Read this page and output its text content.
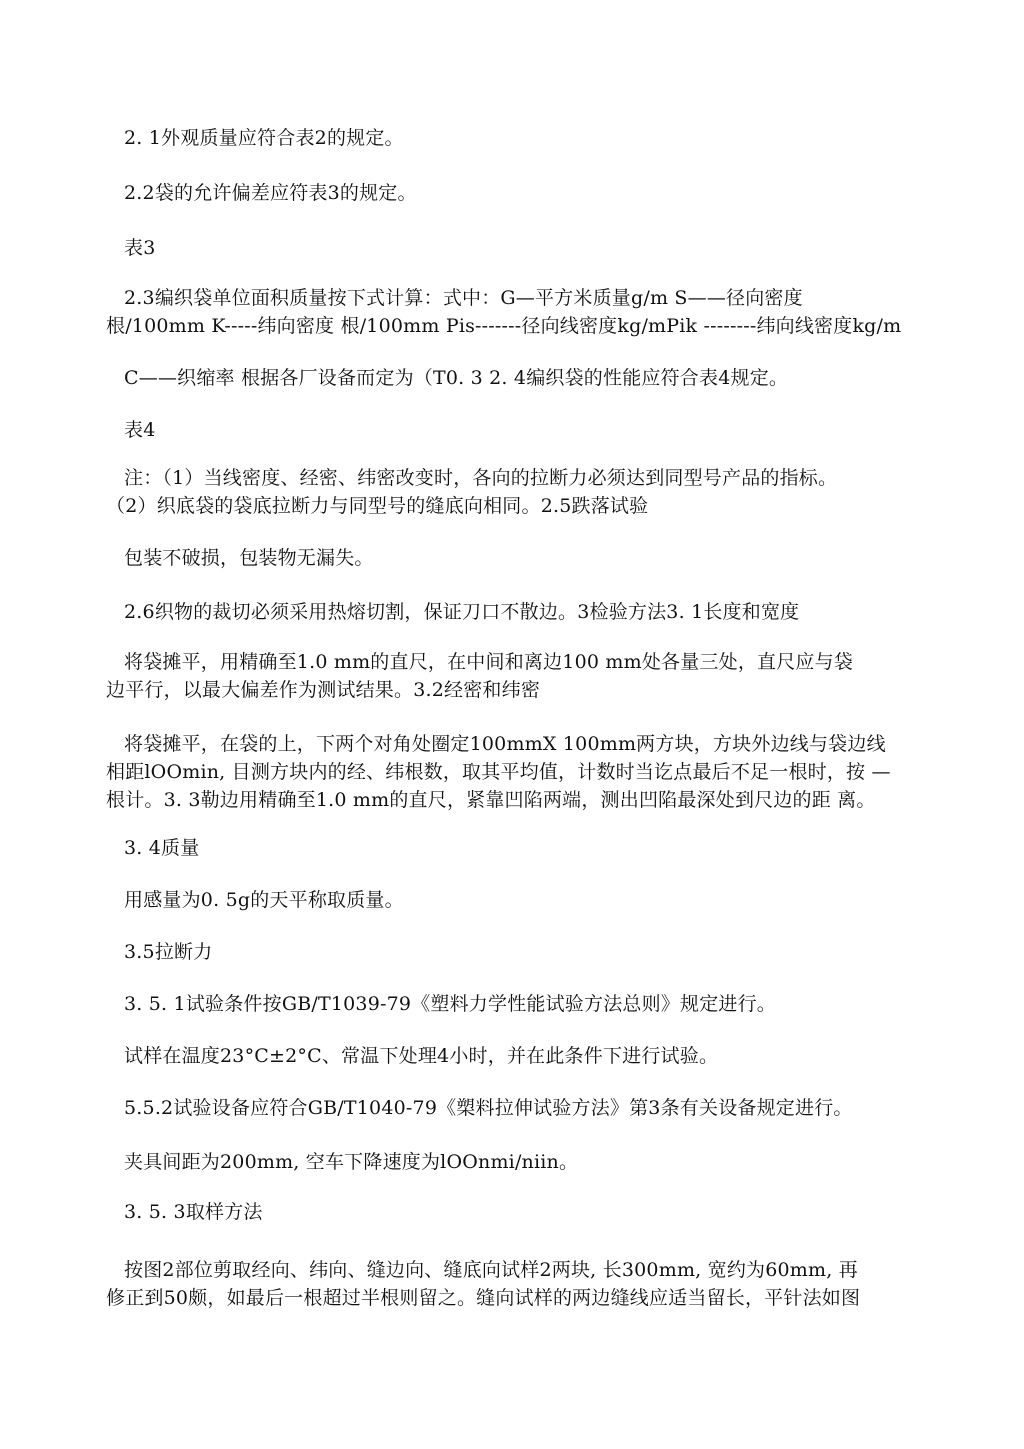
2. 1外观质量应符合表2的规定。

2.2袋的允许偏差应符表3的规定。

表3

2.3编织袋单位面积质量按下式计算：式中：G—平方米质量g/m S——径向密度

根/100mm K-----纬向密度 根/100mm Pis-------径向线密度kg/mPik --------纬向线密度kg/m

C——织缩率 根据各厂设备而定为（T0. 3 2. 4编织袋的性能应符合表4规定。

表4

注：（1）当线密度、经密、纬密改变时，各向的拉断力必须达到同型号产品的指标。

（2）织底袋的袋底拉断力与同型号的缝底向相同。2.5跌落试验

包装不破损，包装物无漏失。

2.6织物的裁切必须采用热熔切割，保证刀口不散边。3检验方法3. 1长度和宽度

将袋摊平，用精确至1.0 mm的直尺，在中间和离边100 mm处各量三处，直尺应与袋

边平行，以最大偏差作为测试结果。3.2经密和纬密

将袋摊平，在袋的上，下两个对角处圈定100mmX 100mm两方块，方块外边线与袋边线

相距lOOmin, 目测方块内的经、纬根数，取其平均值，计数时当讫点最后不足一根时，按 —

根计。3. 3勒边用精确至1.0 mm的直尺，紧靠凹陷两端，测出凹陷最深处到尺边的距 离。

3. 4质量

用感量为0. 5g的天平称取质量。

3.5拉断力

3. 5. 1试验条件按GB/T1039-79《塑料力学性能试验方法总则》规定进行。

试样在温度23°C±2°C、常温下处理4小时，并在此条件下进行试验。

5.5.2试验设备应符合GB/T1040-79《槊料拉伸试验方法》第3条有关设备规定进行。

夹具间距为200mm, 空车下降速度为lOOnmi/niin。

3. 5. 3取样方法

按图2部位剪取经向、纬向、缝边向、缝底向试样2两块, 长300mm, 宽约为60mm, 再

修正到50颇，如最后一根超过半根则留之。缝向试样的两边缝线应适当留长，平针法如图
